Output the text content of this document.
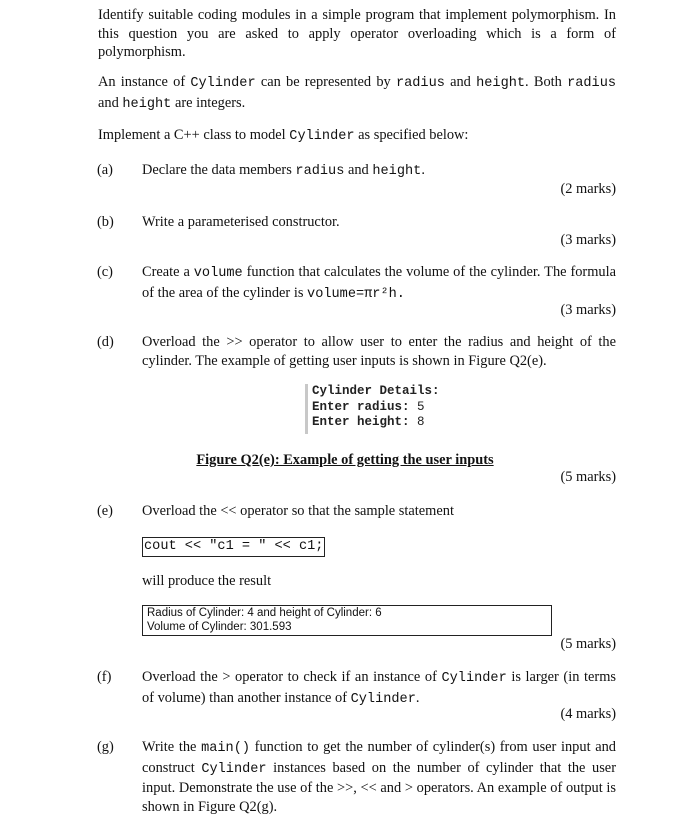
Identify suitable coding modules in a simple program that implement polymorphism. In this question you are asked to apply operator overloading which is a form of polymorphism.
An instance of Cylinder can be represented by radius and height. Both radius and height are integers.
Implement a C++ class to model Cylinder as specified below:
(a) Declare the data members radius and height.
(2 marks)
(b) Write a parameterised constructor.
(3 marks)
(c) Create a volume function that calculates the volume of the cylinder. The formula of the area of the cylinder is volume=πr²h.
(3 marks)
(d) Overload the >> operator to allow user to enter the radius and height of the cylinder. The example of getting user inputs is shown in Figure Q2(e).
Cylinder Details:
Enter radius: 5
Enter height: 8
Figure Q2(e): Example of getting the user inputs
(5 marks)
(e) Overload the << operator so that the sample statement
cout << "c1 = " << c1;
will produce the result
Radius of Cylinder: 4 and height of Cylinder: 6
Volume of Cylinder: 301.593
(5 marks)
(f) Overload the > operator to check if an instance of Cylinder is larger (in terms of volume) than another instance of Cylinder.
(4 marks)
(g) Write the main() function to get the number of cylinder(s) from user input and construct Cylinder instances based on the number of cylinder that the user input. Demonstrate the use of the >>, << and > operators. An example of output is shown in Figure Q2(g).
